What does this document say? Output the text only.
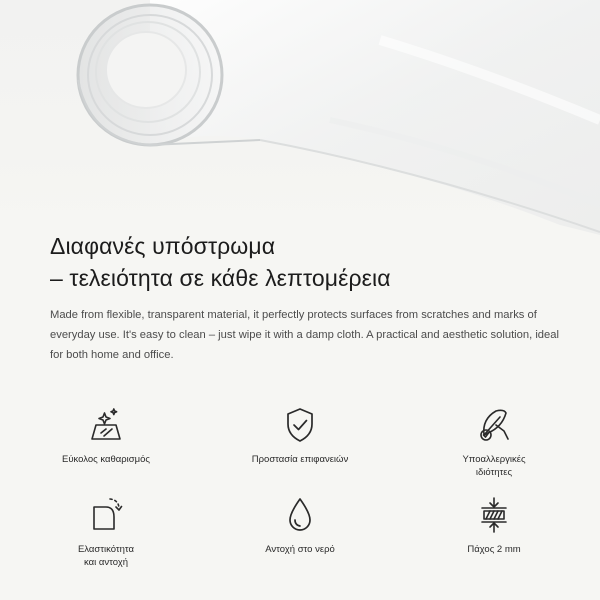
Διαφανές υπόστρωμα
– τελειότητα σε κάθε λεπτομέρεια

Made from flexible, transparent material, it perfectly protects surfaces from scratches and marks of everyday use. It's easy to clean – just wipe it with a damp cloth. A practical and aesthetic solution, ideal for both home and office.

Εύκολος καθαρισμός	Προστασία επιφανειών	Υποαλλεργικές
ιδιότητες
Ελαστικότητα
και αντοχή
Αντοχή στο νερό	Πάχος 2 mm
